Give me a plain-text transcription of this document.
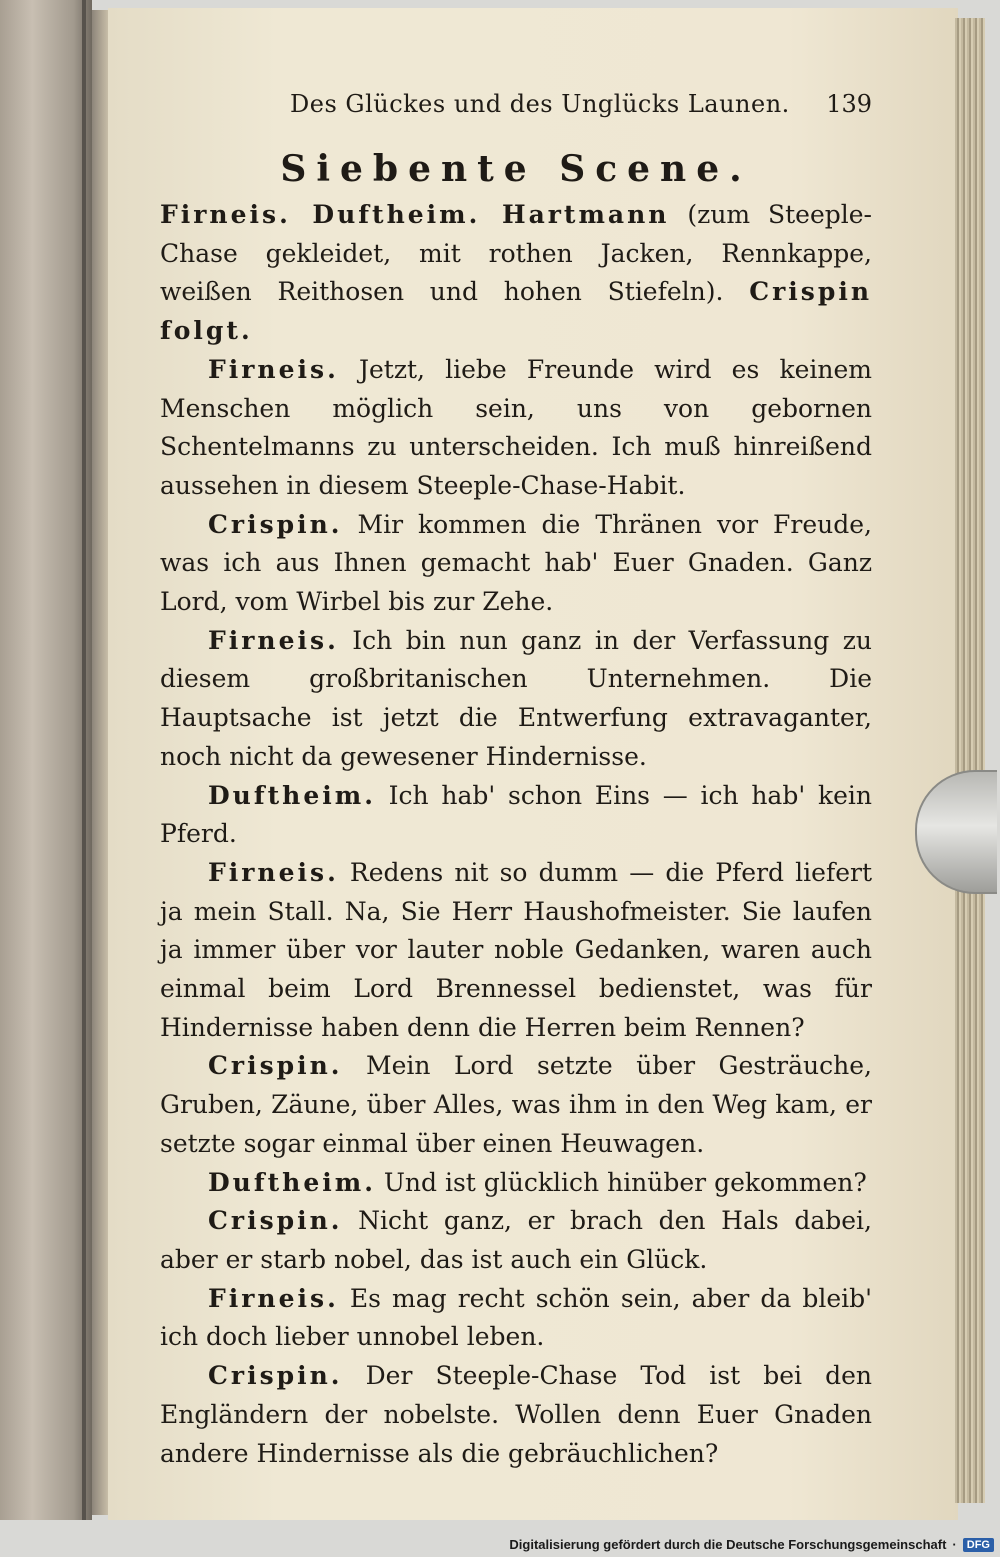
Des Glückes und des Unglücks Launen. 139
Siebente Scene.

Firneis. Duftheim. Hartmann (zum Steeple-Chase gekleidet, mit rothen Jacken, Rennkappe, weißen Reithosen und hohen Stiefeln). Crispin folgt.

Firneis. Jetzt, liebe Freunde wird es keinem Menschen möglich sein, uns von gebornen Schentelmanns zu unterscheiden. Ich muß hinreißend aussehen in diesem Steeple-Chase-Habit.

Crispin. Mir kommen die Thränen vor Freude, was ich aus Ihnen gemacht hab' Euer Gnaden. Ganz Lord, vom Wirbel bis zur Zehe.

Firneis. Ich bin nun ganz in der Verfassung zu diesem großbritanischen Unternehmen. Die Hauptsache ist jetzt die Entwerfung extravaganter, noch nicht da gewesener Hindernisse.

Duftheim. Ich hab' schon Eins — ich hab' kein Pferd.

Firneis. Redens nit so dumm — die Pferd liefert ja mein Stall. Na, Sie Herr Haushofmeister. Sie laufen ja immer über vor lauter noble Gedanken, waren auch einmal beim Lord Brennessel bedienstet, was für Hindernisse haben denn die Herren beim Rennen?

Crispin. Mein Lord setzte über Gesträuche, Gruben, Zäune, über Alles, was ihm in den Weg kam, er setzte sogar einmal über einen Heuwagen.

Duftheim. Und ist glücklich hinüber gekommen?

Crispin. Nicht ganz, er brach den Hals dabei, aber er starb nobel, das ist auch ein Glück.

Firneis. Es mag recht schön sein, aber da bleib' ich doch lieber unnobel leben.

Crispin. Der Steeple-Chase Tod ist bei den Engländern der nobelste. Wollen denn Euer Gnaden andere Hindernisse als die gebräuchlichen?

Digitalisierung gefördert durch die Deutsche Forschungsgemeinschaft · DFG
